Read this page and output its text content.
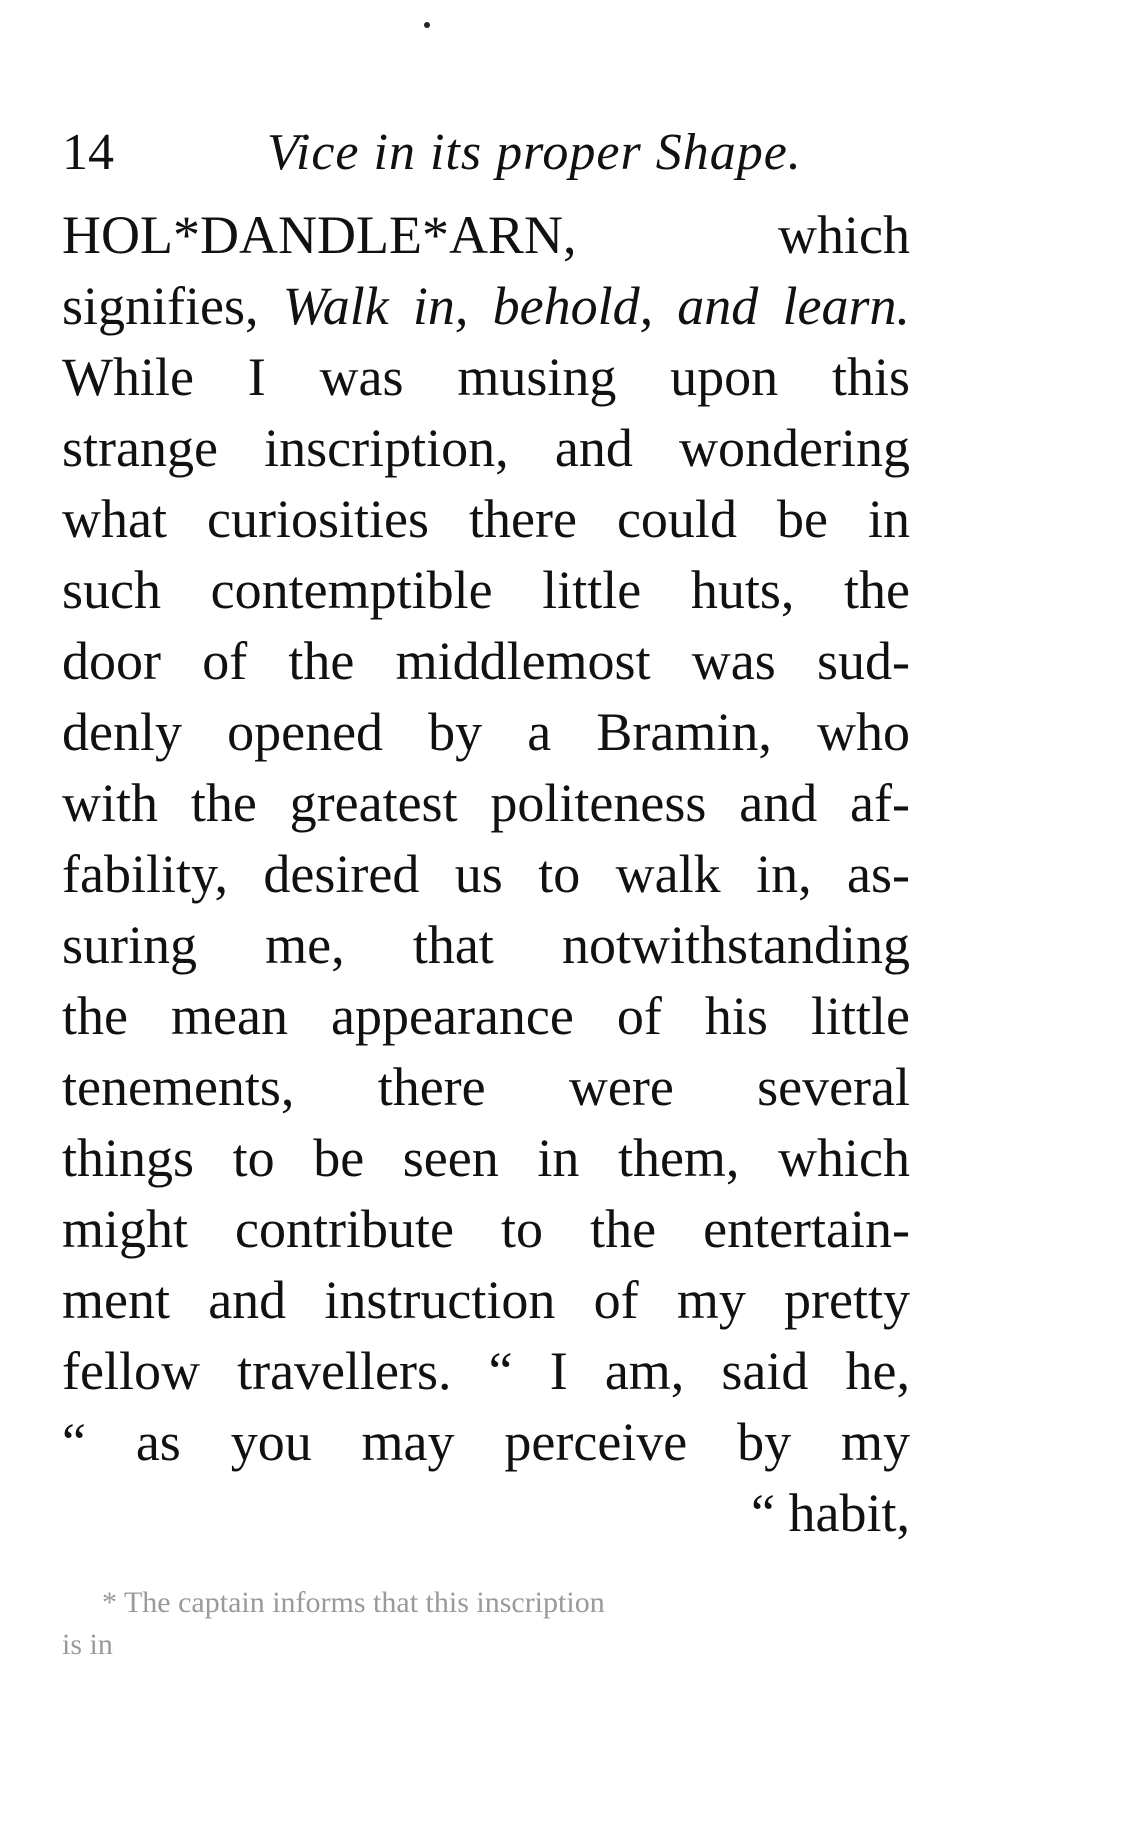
14	Vice in its proper Shape.
HOL*DANDLE*ARN, which
signifies, Walk in, behold, and learn.
While I was musing upon this
strange inscription, and wondering
what curiosities there could be in
such contemptible little huts, the
door of the middlemost was sud-
denly opened by a Bramin, who
with the greatest politeness and af-
fability, desired us to walk in, as-
suring me, that notwithstanding
the mean appearance of his little
tenements, there were several
things to be seen in them, which
might contribute to the entertain-
ment and instruction of my pretty
fellow travellers. “ I am, said he,
“ as you may perceive by my
“ habit,
* The captain informs that this inscription
is in
